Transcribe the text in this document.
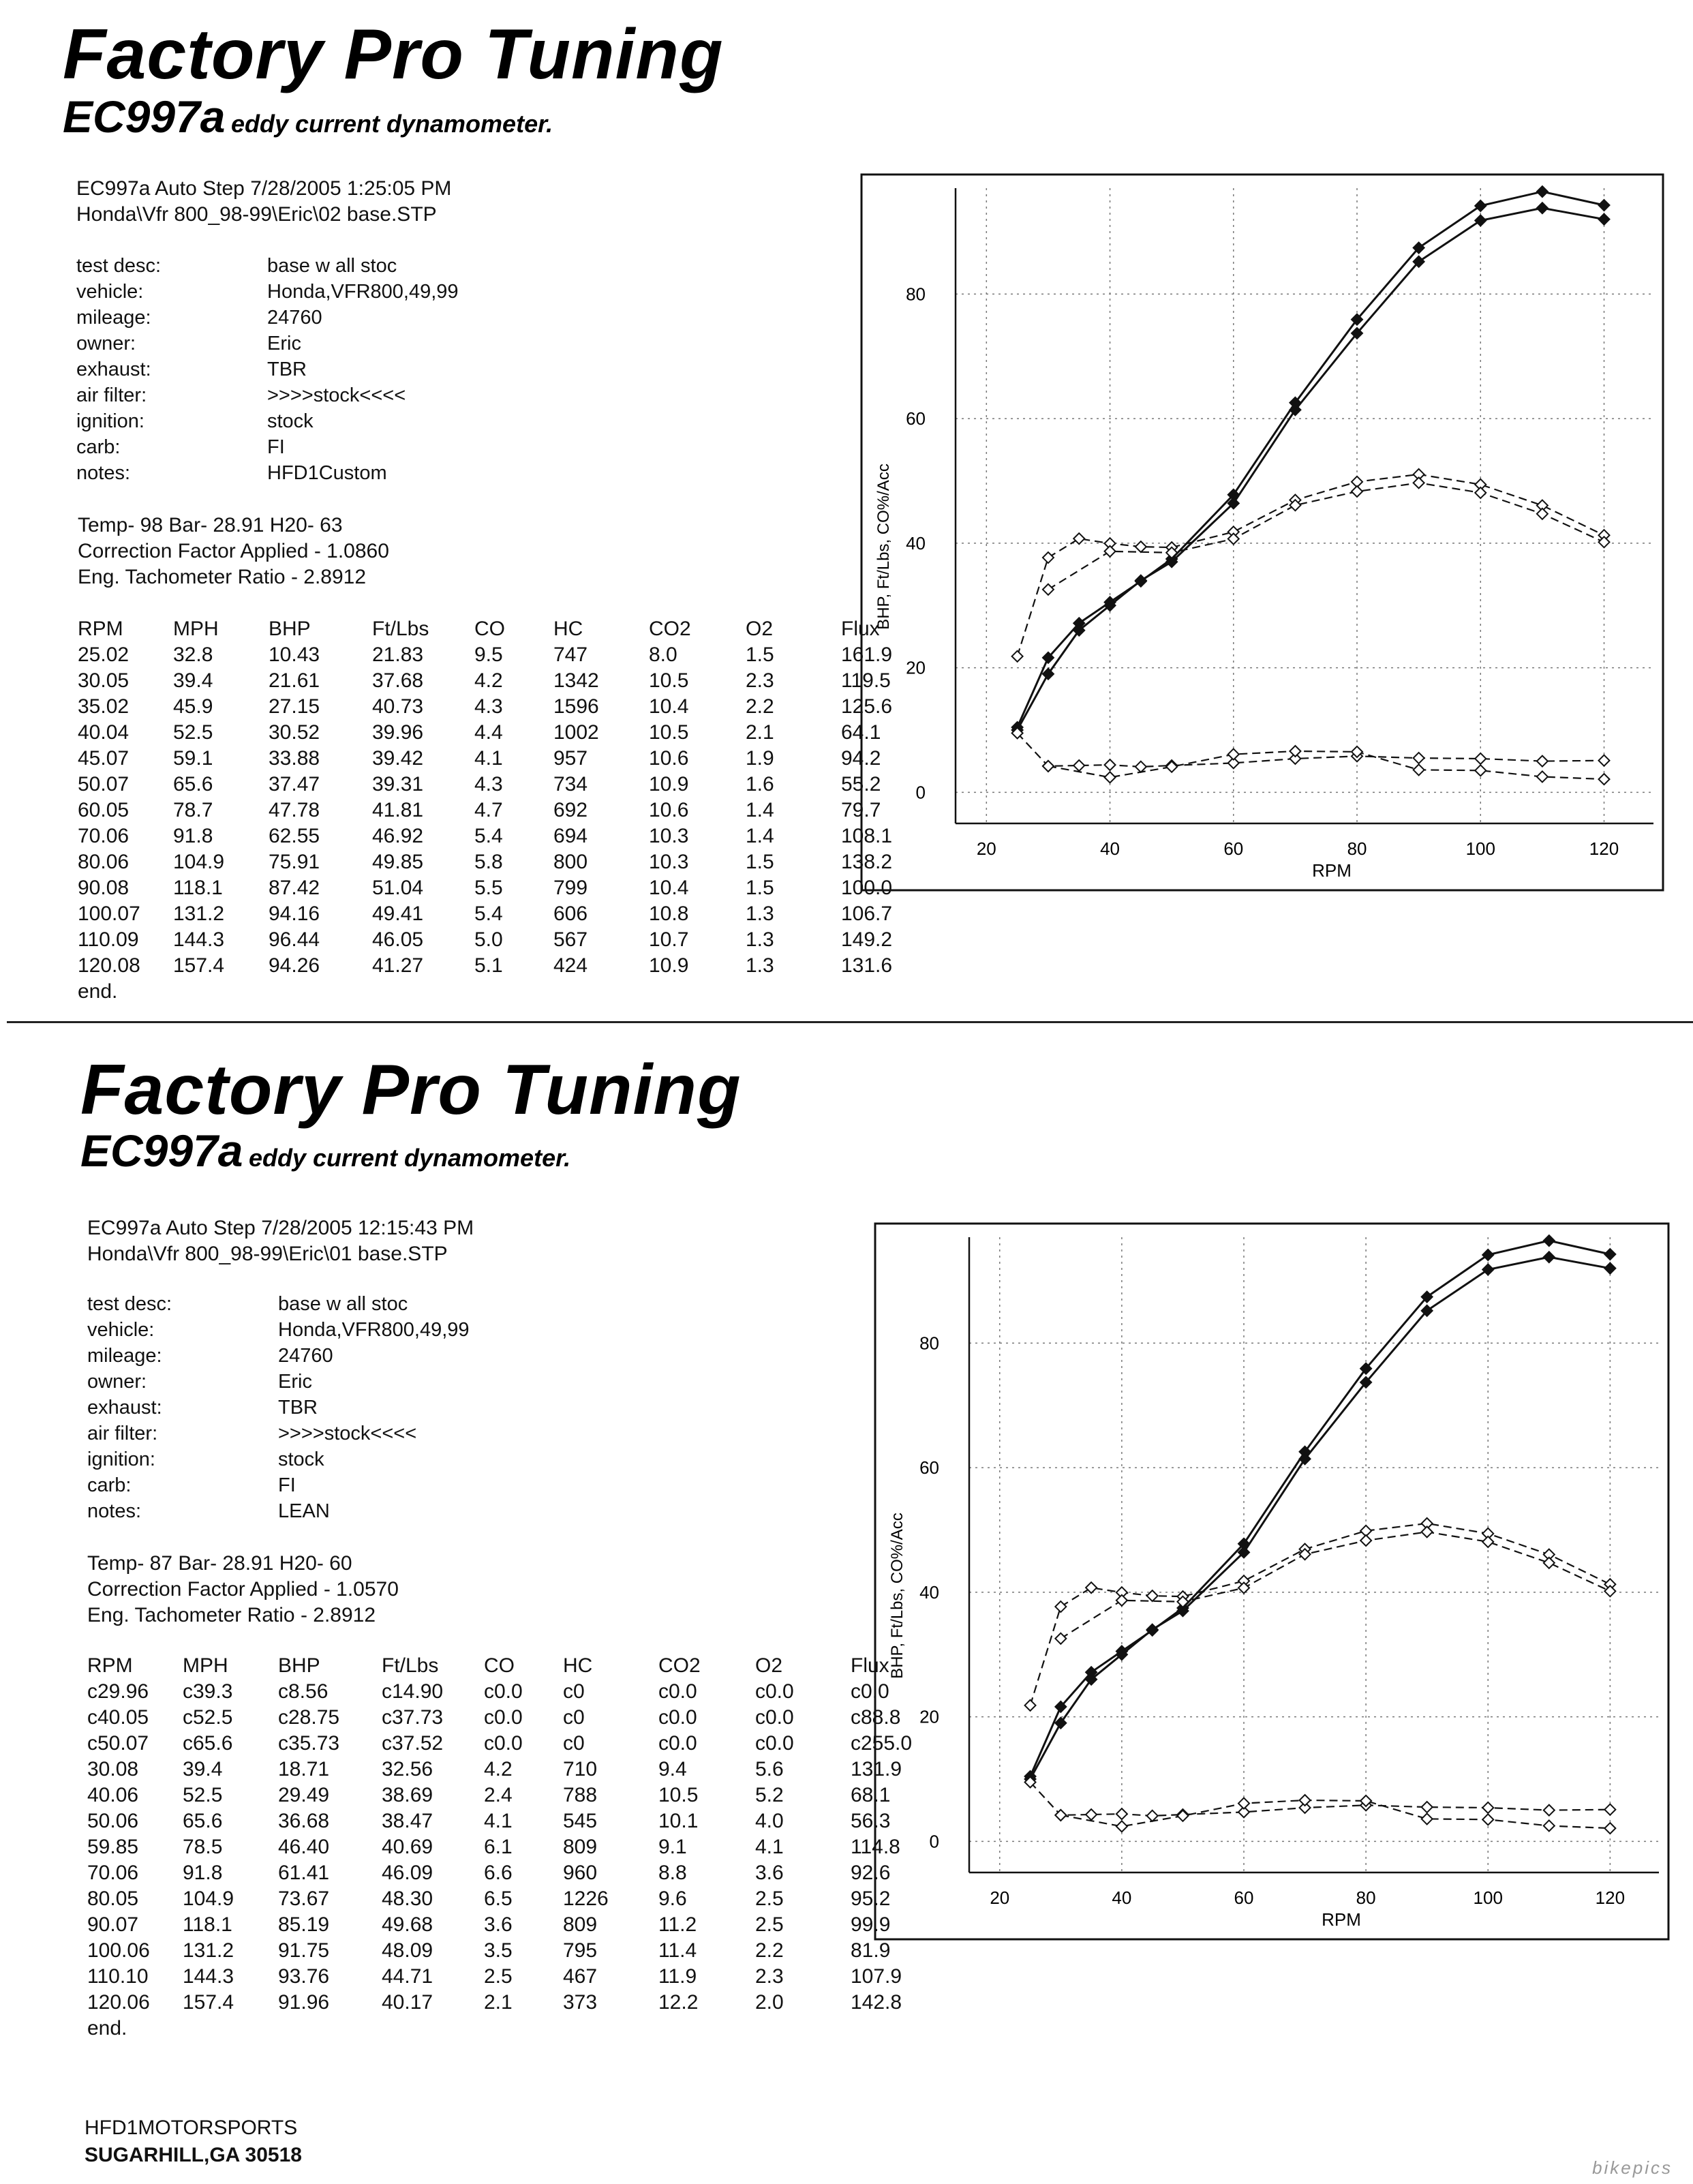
Factory Pro Tuning
EC997a eddy current dynamometer.
EC997a Auto Step 7/28/2005 1:25:05 PM
Honda\Vfr 800_98-99\Eric\02 base.STP
test desc:	base w all stoc
vehicle:	Honda,VFR800,49,99
mileage:	24760
owner:	Eric
exhaust:	TBR
air filter:	>>>>stock<<<<
ignition:	stock
carb:	FI
notes:	HFD1Custom
Temp- 98 Bar- 28.91 H20- 63
Correction Factor Applied - 1.0860
Eng. Tachometer Ratio - 2.8912
20	40	60	80	100	120
0
20
40
60
80
RPM
BHP, Ft/Lbs, CO%/Acc
RPM MPH BHP	Ft/Lbs CO HC	CO2	O2	Flux
25.02 32.8	10.43	21.83 9.5 747	8.0	1.5	161.9
30.05 39.4	21.61	37.68 4.2 1342 10.5	2.3	119.5
35.02 45.9	27.15	40.73 4.3 1596 10.4	2.2	125.6
40.04 52.5	30.52	39.96 4.4 1002 10.5	2.1	64.1
45.07 59.1	33.88	39.42 4.1 957	10.6	1.9	94.2
50.07 65.6	37.47	39.31 4.3 734	10.9	1.6	55.2
60.05 78.7	47.78	41.81 4.7 692	10.6	1.4	79.7
70.06 91.8	62.55	46.92 5.4 694	10.3	1.4	108.1
80.06 104.9 75.91	49.85 5.8 800	10.3	1.5	138.2
90.08 118.1 87.42	51.04 5.5 799	10.4	1.5	100.0
100.07 131.2 94.16	49.41 5.4 606	10.8	1.3	106.7
110.09 144.3 96.44	46.05 5.0 567	10.7	1.3	149.2
120.08 157.4 94.26	41.27 5.1 424	10.9	1.3	131.6
end.
Factory Pro Tuning
EC997a eddy current dynamometer.
EC997a Auto Step 7/28/2005 12:15:43 PM
Honda\Vfr 800_98-99\Eric\01 base.STP
test desc:	base w all stoc
vehicle:	Honda,VFR800,49,99
mileage:	24760
owner:	Eric
exhaust:	TBR
air filter:	>>>>stock<<<<
ignition:	stock
carb:	FI
notes:	LEAN
Temp- 87 Bar- 28.91 H20- 60
Correction Factor Applied - 1.0570
Eng. Tachometer Ratio - 2.8912
20	40	60	80	100	120
0
20
40
60
80
RPM
BHP, Ft/Lbs, CO%/Acc
HFD1MOTORSPORTS
SUGARHILL,GA 30518
bikepics
RPM MPH BHP	Ft/Lbs CO HC	CO2	O2	Flux
c29.96 c39.3 c8.56	c14.90 c0.0 c0	c0.0	c0.0	c0.0
c40.05 c52.5 c28.75 c37.73 c0.0 c0	c0.0	c0.0	c88.8
c50.07 c65.6 c35.73 c37.52 c0.0 c0	c0.0	c0.0	c255.0
30.08 39.4	18.71	32.56 4.2 710	9.4	5.6	131.9
40.06 52.5	29.49	38.69 2.4 788	10.5	5.2	68.1
50.06 65.6	36.68	38.47 4.1 545	10.1	4.0	56.3
59.85 78.5	46.40	40.69 6.1 809	9.1	4.1	114.8
70.06 91.8	61.41	46.09 6.6 960	8.8	3.6	92.6
80.05 104.9 73.67	48.30 6.5 1226 9.6	2.5	95.2
90.07 118.1 85.19	49.68 3.6 809	11.2	2.5	99.9
100.06 131.2 91.75	48.09 3.5 795	11.4	2.2	81.9
110.10 144.3 93.76	44.71 2.5 467	11.9	2.3	107.9
120.06 157.4 91.96	40.17 2.1 373	12.2	2.0	142.8
end.
